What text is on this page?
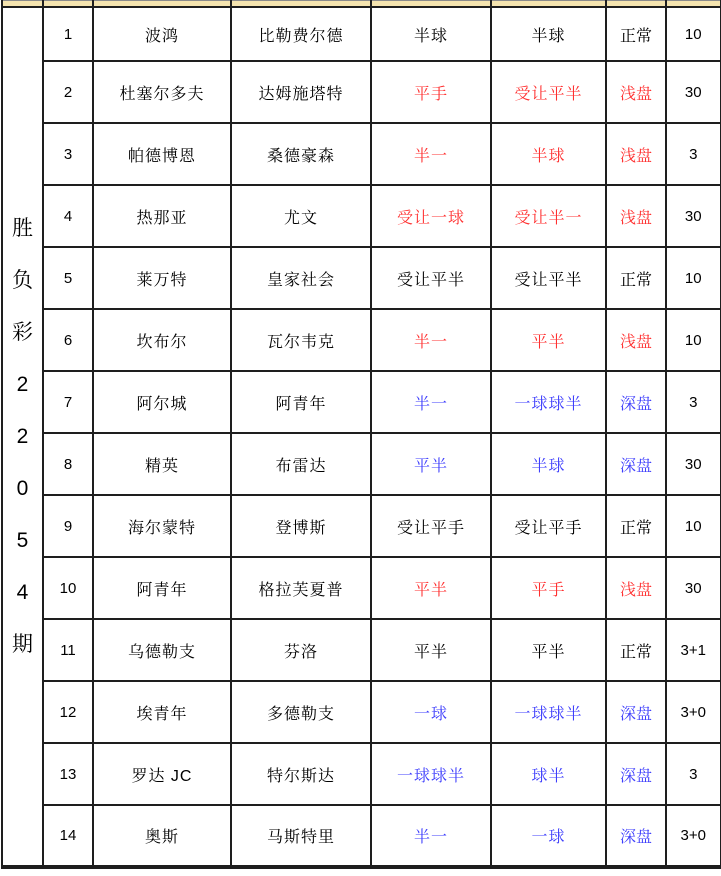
胜
负
彩
2
2
0
5
4
期
	1	波鸿	比勒费尔德	半球	半球	正常	10
	2	杜塞尔多夫	达姆施塔特	平手	受让平半	浅盘	30
	3	帕德博恩	桑德豪森	半一	半球	浅盘	3
	4	热那亚	尤文	受让一球	受让半一	浅盘	30
	5	莱万特	皇家社会	受让平半	受让平半	正常	10
	6	坎布尔	瓦尔韦克	半一	平半	浅盘	10
	7	阿尔城	阿青年	半一	一球球半	深盘	3
	8	精英	布雷达	平半	半球	深盘	30
	9	海尔蒙特	登博斯	受让平手	受让平手	正常	10
	10	阿青年	格拉芙夏普	平半	平手	浅盘	30
	11	乌德勒支	芬洛	平半	平半	正常	3+1
	12	埃青年	多德勒支	一球	一球球半	深盘	3+0
	13	罗达 JC	特尔斯达	一球球半	球半	深盘	3
	14	奥斯	马斯特里	半一	一球	深盘	3+0
